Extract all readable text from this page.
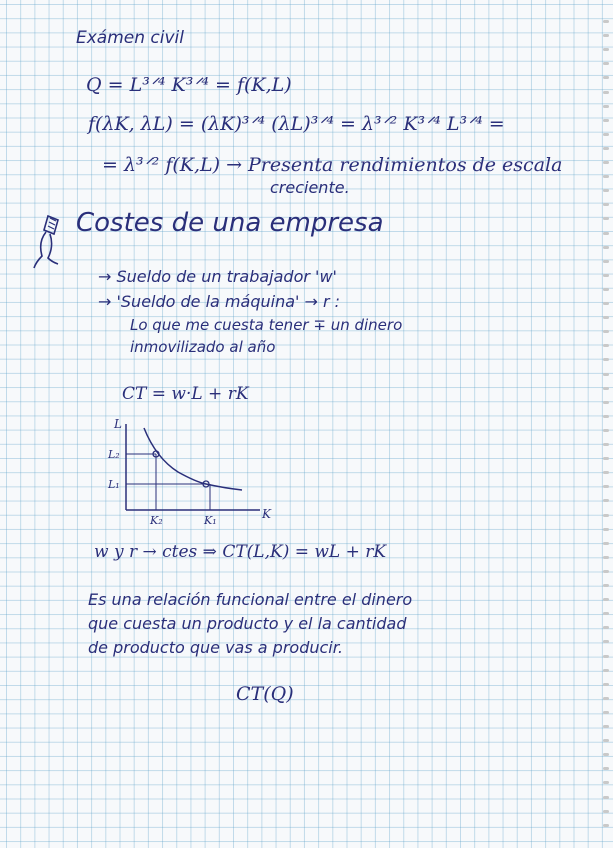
Exámen civil
Q = L³ᐟ⁴ K³ᐟ⁴ = f(K,L)
f(λK, λL) = (λK)³ᐟ⁴ (λL)³ᐟ⁴ = λ³ᐟ² K³ᐟ⁴ L³ᐟ⁴ =
= λ³ᐟ² f(K,L) → Presenta rendimientos de escala
creciente.
Costes de una empresa
→ Sueldo de un trabajador 'w'
→ 'Sueldo de la máquina' → r :
Lo que me cuesta tener ∓ un dinero
inmovilizado al año
CT = w·L + rK
L
K
L₂
L₁
K₂	K₁
w y r → ctes ⇒ CT(L,K) = wL + rK
Es una relación funcional entre el dinero
que cuesta un producto y el la cantidad
de producto que vas a producir.
CT(Q)
